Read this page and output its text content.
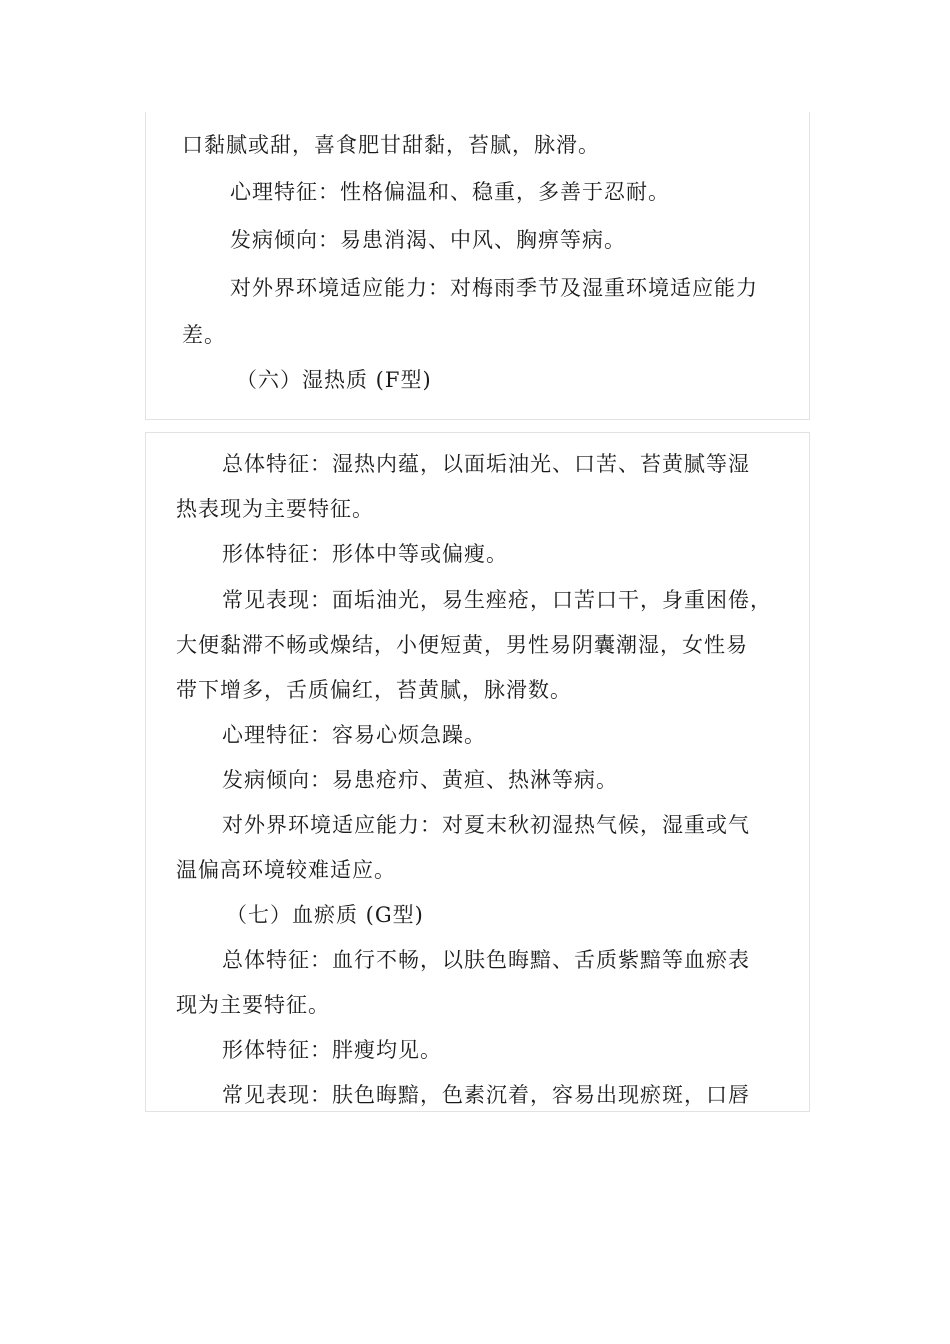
口黏腻或甜，喜食肥甘甜黏，苔腻，脉滑。
心理特征：性格偏温和、稳重，多善于忍耐。
发病倾向：易患消渴、中风、胸痹等病。
对外界环境适应能力：对梅雨季节及湿重环境适应能力
差。
（六）湿热质 (F型)
总体特征：湿热内蕴，以面垢油光、口苦、苔黄腻等湿
热表现为主要特征。
形体特征：形体中等或偏瘦。
常见表现：面垢油光，易生痤疮，口苦口干，身重困倦，
大便黏滞不畅或燥结，小便短黄，男性易阴囊潮湿，女性易
带下增多，舌质偏红，苔黄腻，脉滑数。
心理特征：容易心烦急躁。
发病倾向：易患疮疖、黄疸、热淋等病。
对外界环境适应能力：对夏末秋初湿热气候，湿重或气
温偏高环境较难适应。
（七）血瘀质 (G型)
总体特征：血行不畅，以肤色晦黯、舌质紫黯等血瘀表
现为主要特征。
形体特征：胖瘦均见。
常见表现：肤色晦黯，色素沉着，容易出现瘀斑，口唇
